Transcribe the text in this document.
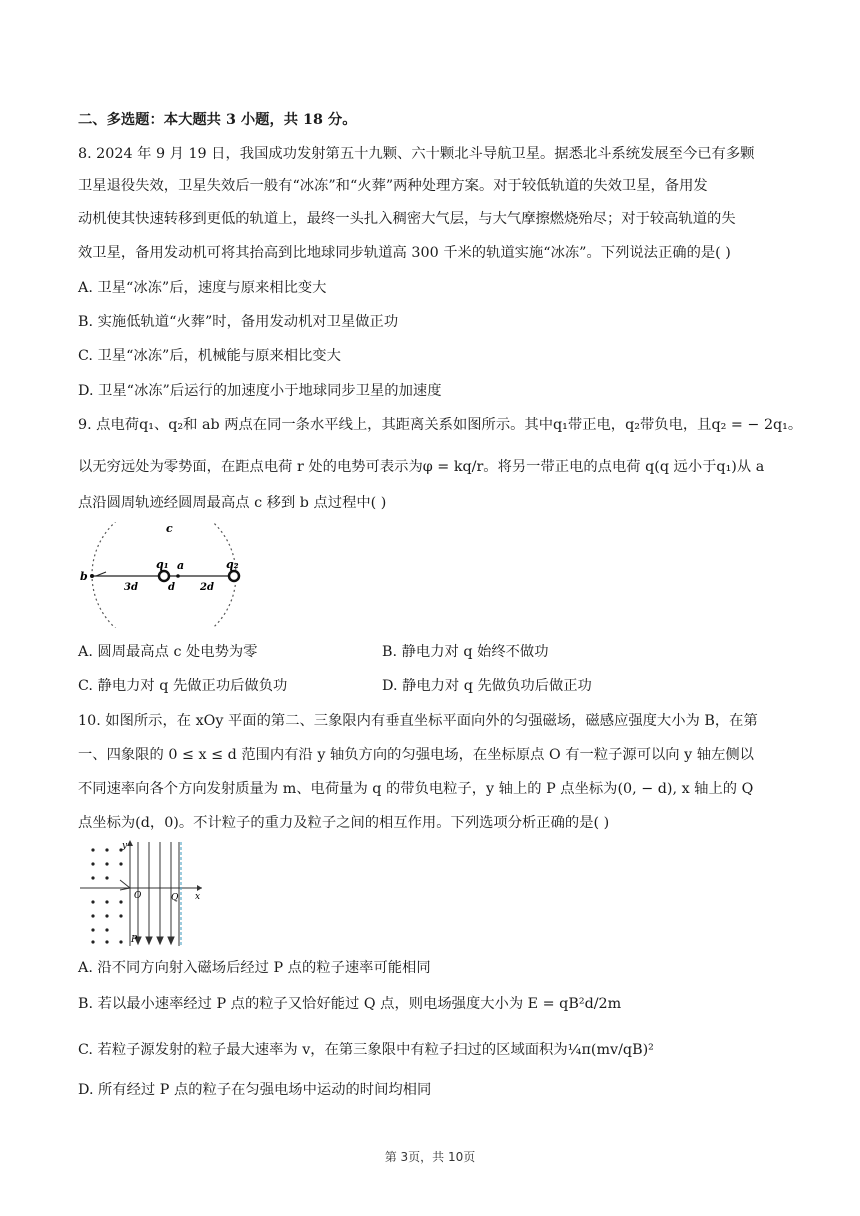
二、多选题：本大题共 3 小题，共 18 分。
8. 2024 年 9 月 19 日，我国成功发射第五十九颗、六十颗北斗导航卫星。据悉北斗系统发展至今已有多颗
卫星退役失效，卫星失效后一般有“冰冻”和“火葬”两种处理方案。对于较低轨道的失效卫星，备用发
动机使其快速转移到更低的轨道上，最终一头扎入稠密大气层，与大气摩擦燃烧殆尽；对于较高轨道的失
效卫星，备用发动机可将其抬高到比地球同步轨道高 300 千米的轨道实施“冰冻”。下列说法正确的是( )
A. 卫星“冰冻”后，速度与原来相比变大
B. 实施低轨道“火葬”时，备用发动机对卫星做正功
C. 卫星“冰冻”后，机械能与原来相比变大
D. 卫星“冰冻”后运行的加速度小于地球同步卫星的加速度
9. 点电荷q₁、q₂和 ab 两点在同一条水平线上，其距离关系如图所示。其中q₁带正电，q₂带负电，且q₂ = − 2q₁。
以无穷远处为零势面，在距点电荷 r 处的电势可表示为φ = kq/r。将另一带正电的点电荷 q(q 远小于q₁)从 a
点沿圆周轨迹经圆周最高点 c 移到 b 点过程中( )
c
b
q₁ a	q₂
3d	d	2d
A. 圆周最高点 c 处电势为零	B. 静电力对 q 始终不做功
C. 静电力对 q 先做正功后做负功	D. 静电力对 q 先做负功后做正功
10. 如图所示，在 xOy 平面的第二、三象限内有垂直坐标平面向外的匀强磁场，磁感应强度大小为 B，在第
一、四象限的 0 ≤ x ≤ d 范围内有沿 y 轴负方向的匀强电场，在坐标原点 O 有一粒子源可以向 y 轴左侧以
不同速率向各个方向发射质量为 m、电荷量为 q 的带负电粒子，y 轴上的 P 点坐标为(0, − d), x 轴上的 Q
点坐标为(d，0)。不计粒子的重力及粒子之间的相互作用。下列选项分析正确的是( )
y
x
O	Q
P
A. 沿不同方向射入磁场后经过 P 点的粒子速率可能相同
B. 若以最小速率经过 P 点的粒子又恰好能过 Q 点，则电场强度大小为 E = qB²d/2m
C. 若粒子源发射的粒子最大速率为 v，在第三象限中有粒子扫过的区域面积为¼π(mv/qB)²
D. 所有经过 P 点的粒子在匀强电场中运动的时间均相同
第 3页，共 10页
